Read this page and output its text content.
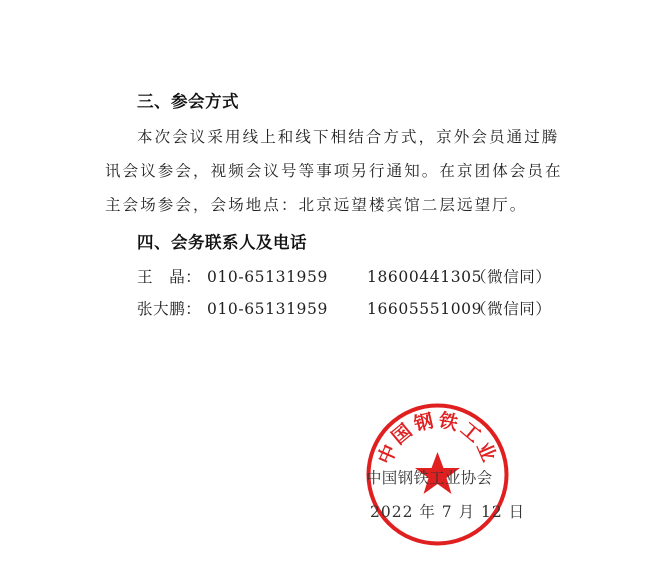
三、参会方式
本次会议采用线上和线下相结合方式，京外会员通过腾
讯会议参会，视频会议号等事项另行通知。在京团体会员在
主会场参会，会场地点：北京远望楼宾馆二层远望厅。
四、会务联系人及电话
王　晶： 010-65131959	18600441305（微信同）
张大鹏： 010-65131959	16605551009（微信同）
中国钢铁工业
中国钢铁工业协会
2022 年 7 月 12 日
